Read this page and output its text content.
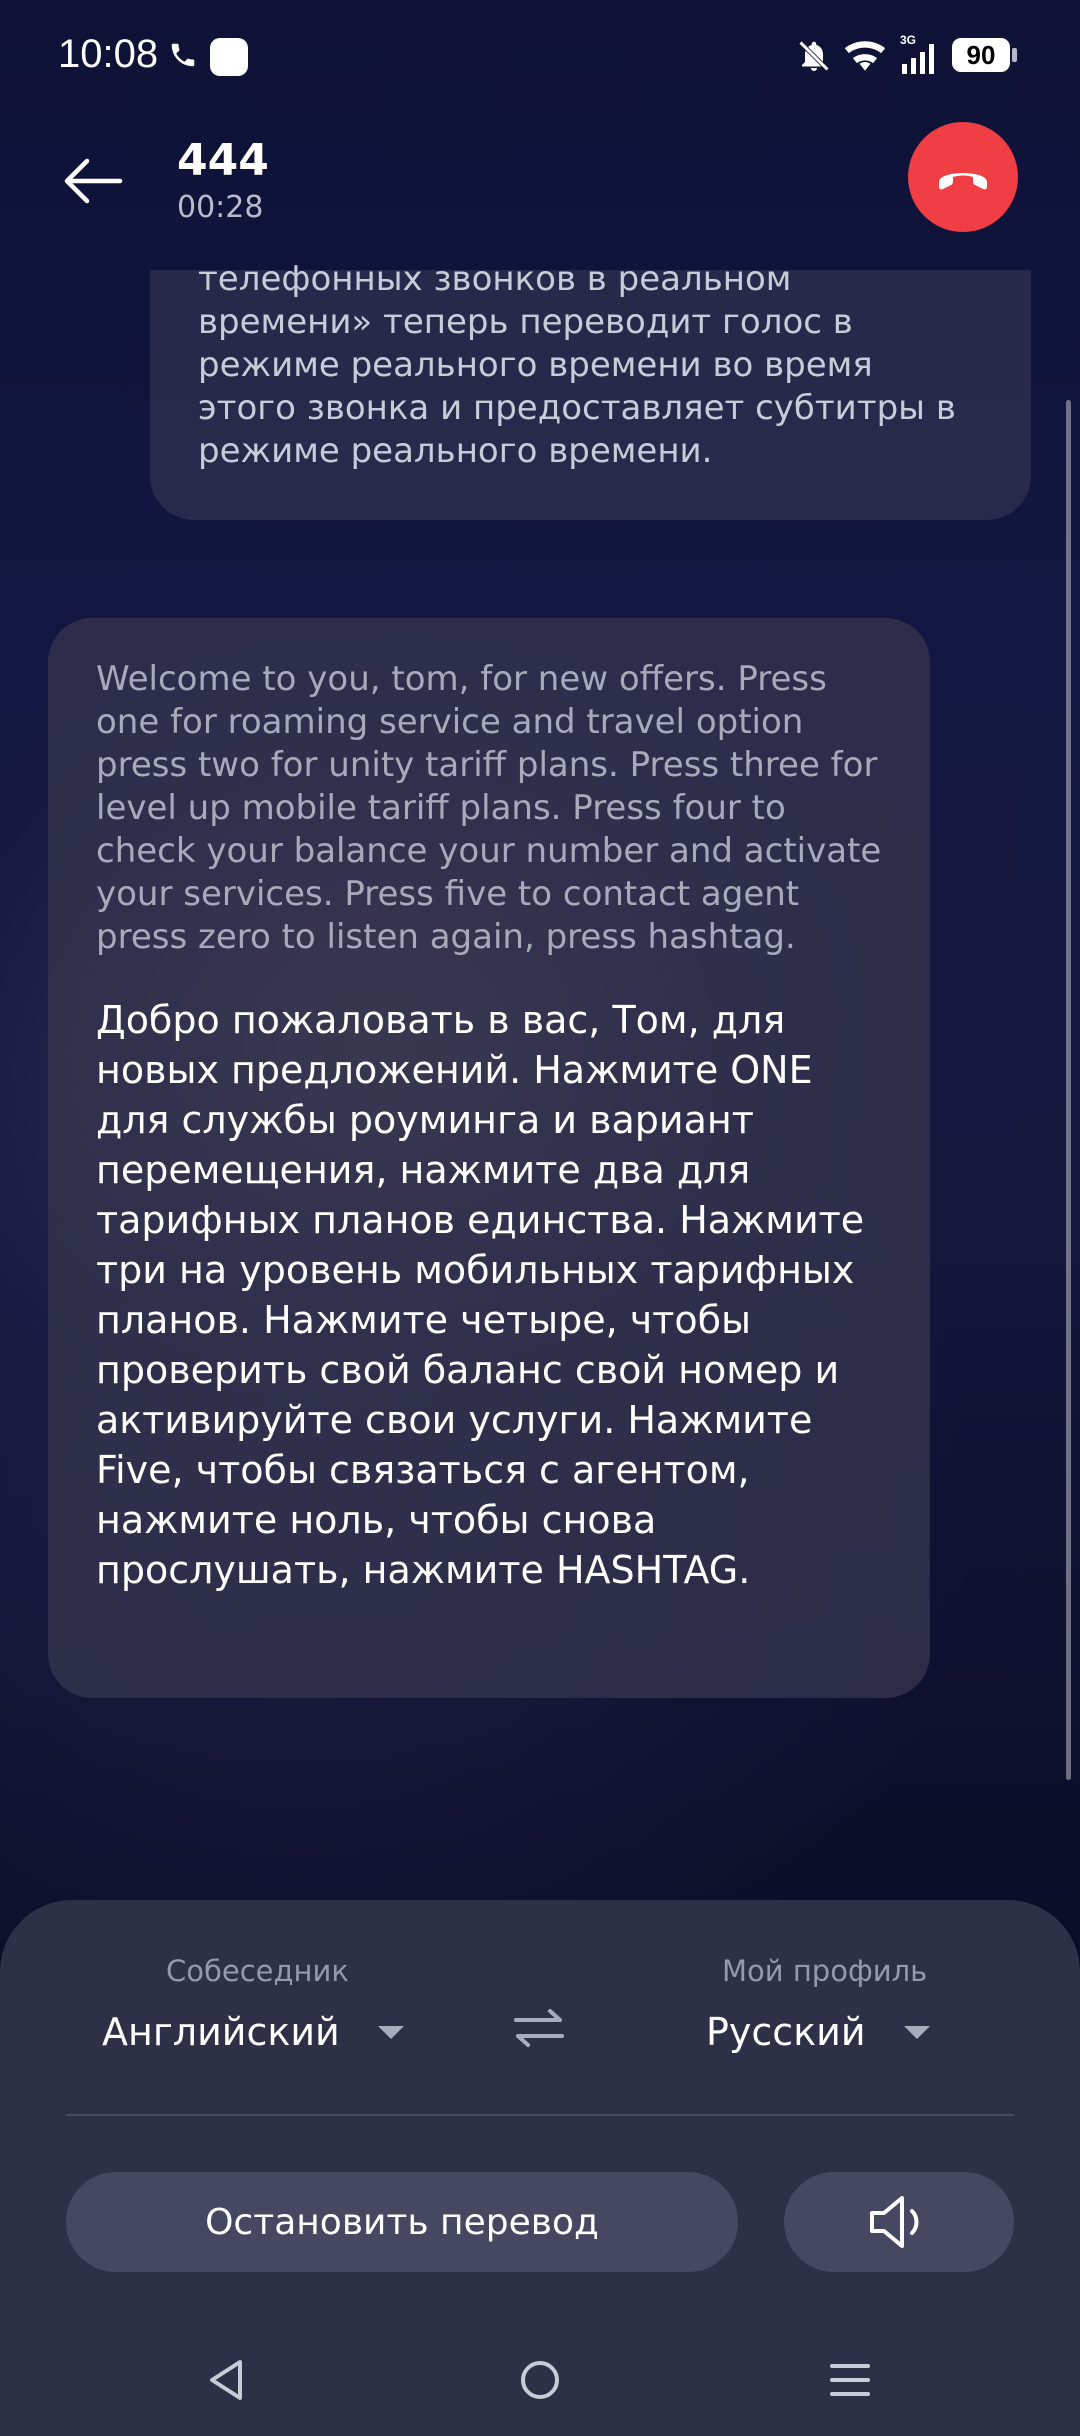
10:08	3G	90
444
00:28
телефонных звонков в реальном времени» теперь переводит голос в режиме реального времени во время этого звонка и предоставляет субтитры в режиме реального времени.
Welcome to you, tom, for new offers. Press one for roaming service and travel option press two for unity tariff plans. Press three for level up mobile tariff plans. Press four to check your balance your number and activate your services. Press five to contact agent press zero to listen again, press hashtag.
Добро пожаловать в вас, Том, для новых предложений. Нажмите ONE для службы роуминга и вариант перемещения, нажмите два для тарифных планов единства. Нажмите три на уровень мобильных тарифных планов. Нажмите четыре, чтобы проверить свой баланс свой номер и активируйте свои услуги. Нажмите Five, чтобы связаться с агентом, нажмите ноль, чтобы снова прослушать, нажмите HASHTAG.
Собеседник
Английский
Мой профиль
Русский
Остановить перевод
